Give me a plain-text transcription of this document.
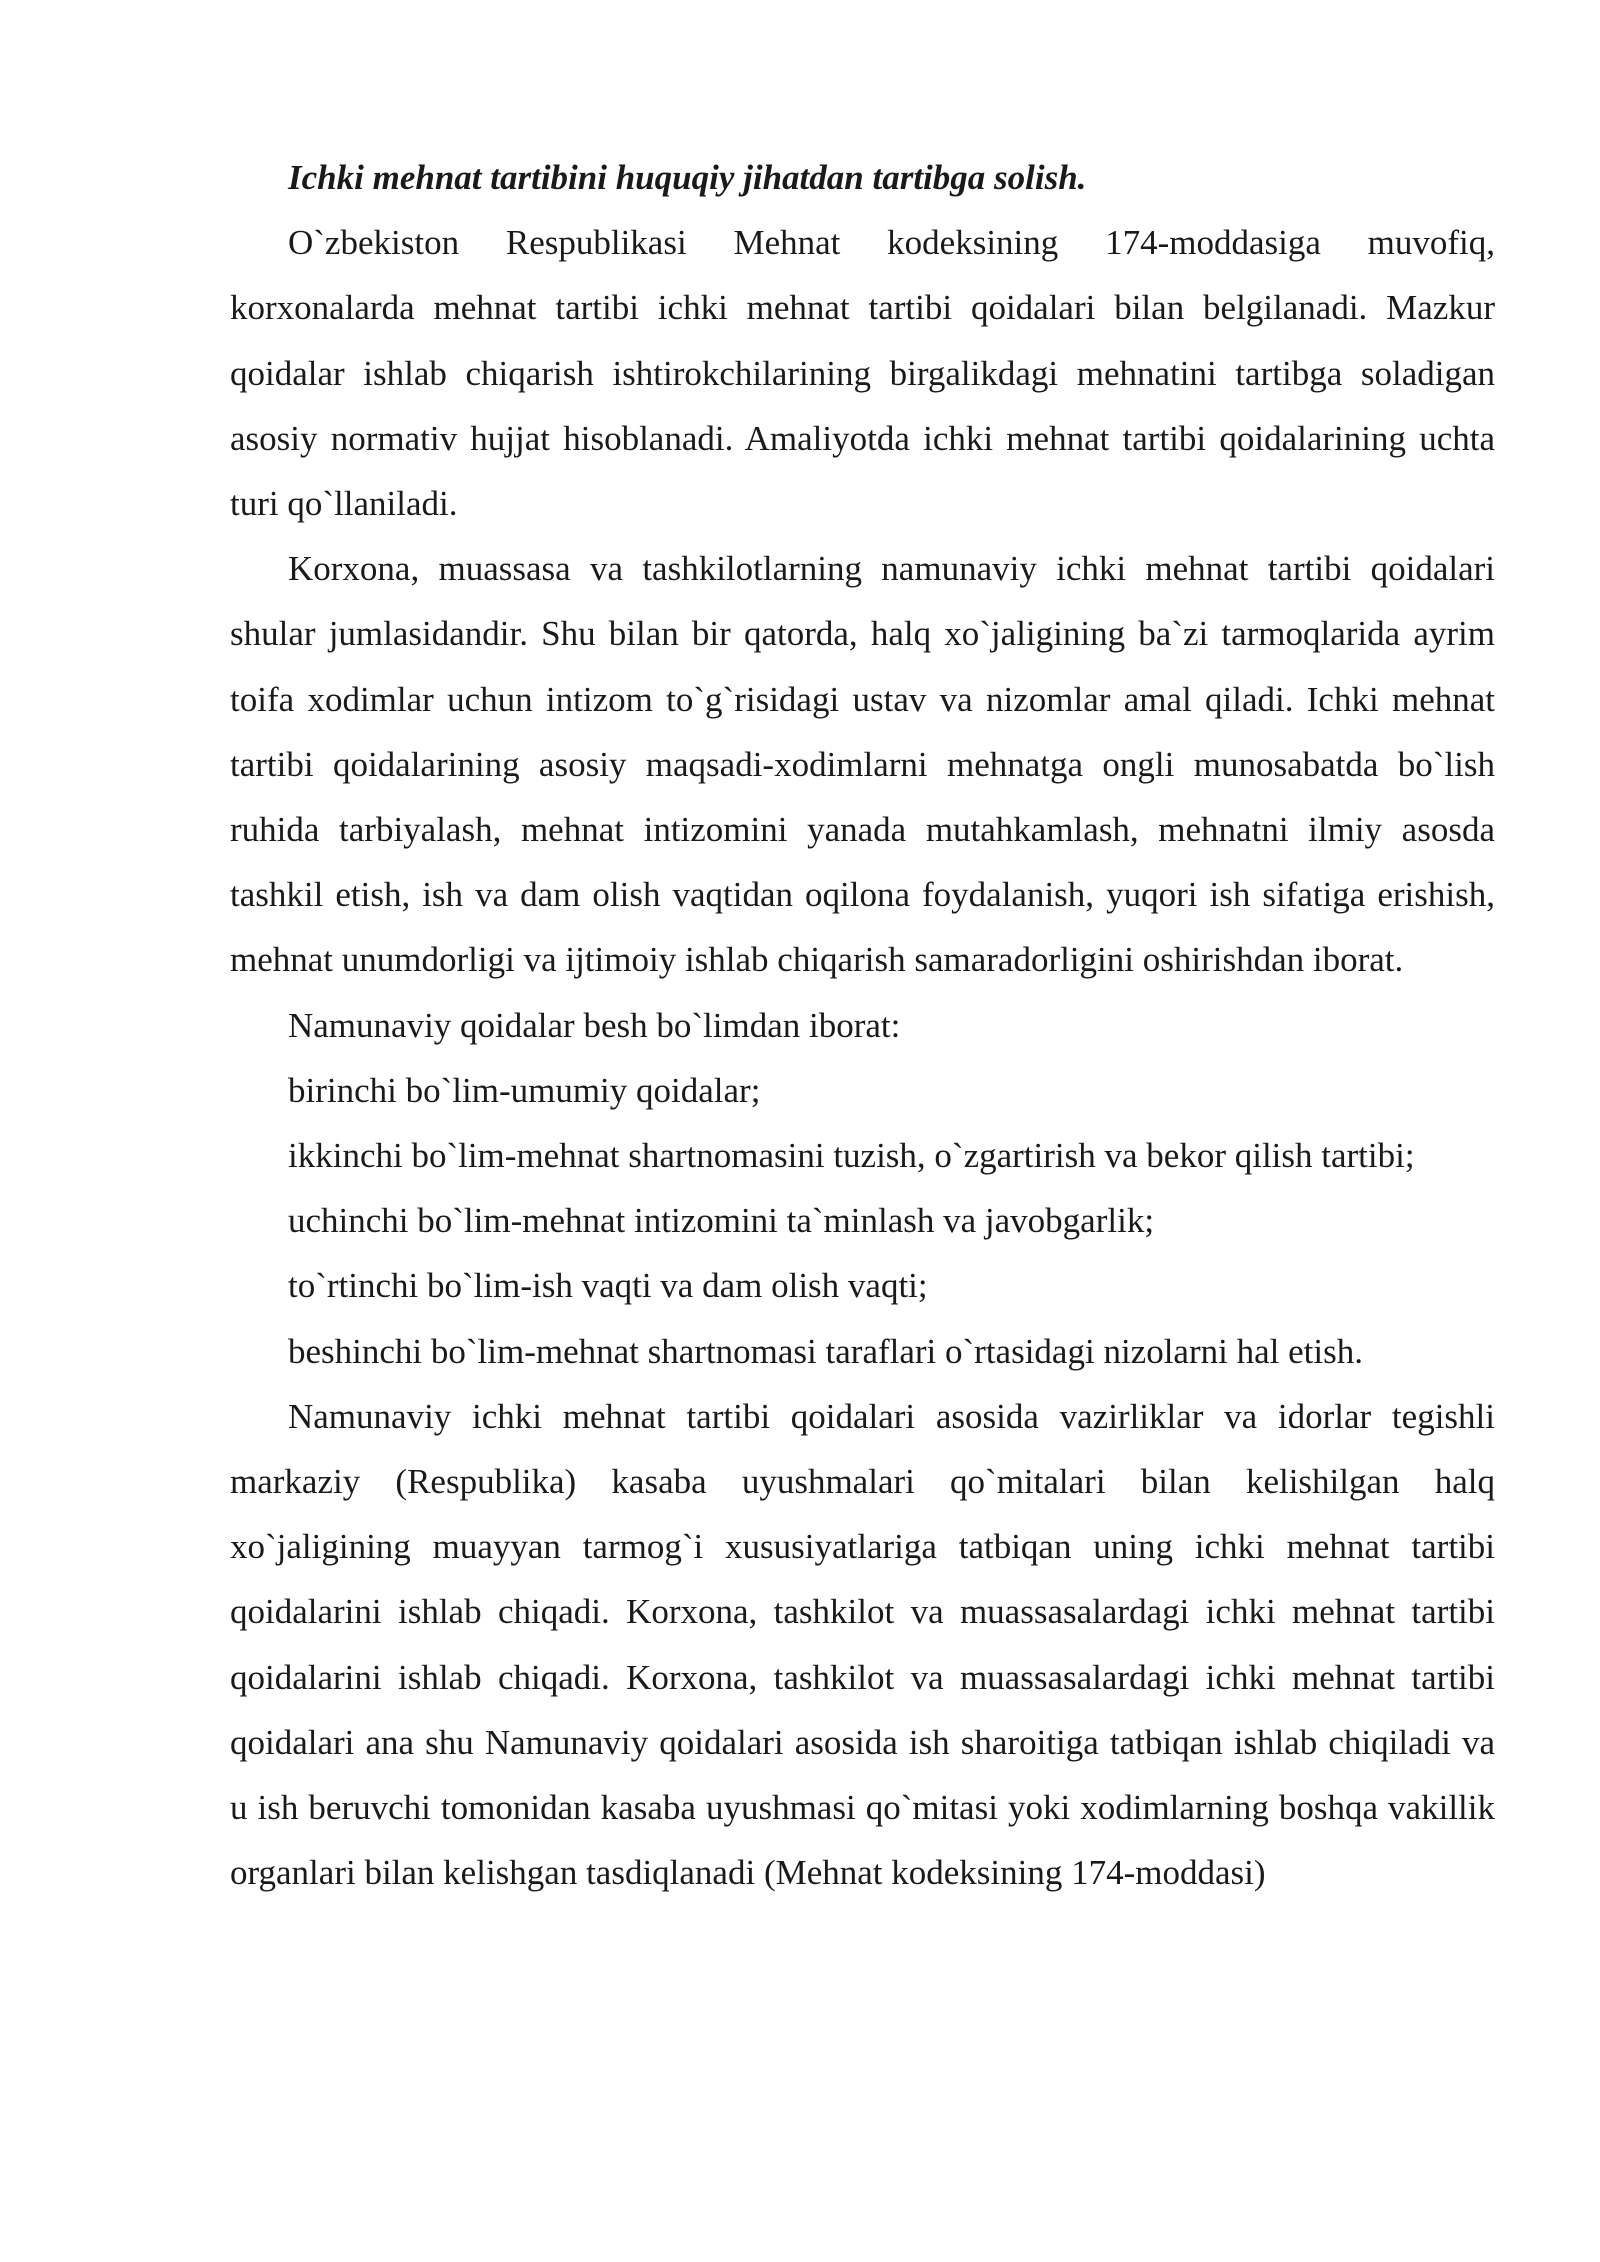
Ichki mehnat tartibini huquqiy jihatdan tartibga solish.

O`zbekiston Respublikasi Mehnat kodeksining 174-moddasiga muvofiq, korxonalarda mehnat tartibi ichki mehnat tartibi qoidalari bilan belgilanadi. Mazkur qoidalar ishlab chiqarish ishtirokchilarining birgalikdagi mehnatini tartibga soladigan asosiy normativ hujjat hisoblanadi. Amaliyotda ichki mehnat tartibi qoidalarining uchta turi qo`llaniladi.

Korxona, muassasa va tashkilotlarning namunaviy ichki mehnat tartibi qoidalari shular jumlasidandir. Shu bilan bir qatorda, halq xo`jaligining ba`zi tarmoqlarida ayrim toifa xodimlar uchun intizom to`g`risidagi ustav va nizomlar amal qiladi. Ichki mehnat tartibi qoidalarining asosiy maqsadi-xodimlarni mehnatga ongli munosabatda bo`lish ruhida tarbiyalash, mehnat intizomini yanada mutahkamlash, mehnatni ilmiy asosda tashkil etish, ish va dam olish vaqtidan oqilona foydalanish, yuqori ish sifatiga erishish, mehnat unumdorligi va ijtimoiy ishlab chiqarish samaradorligini oshirishdan iborat.

Namunaviy qoidalar besh bo`limdan iborat:

birinchi bo`lim-umumiy qoidalar;

ikkinchi bo`lim-mehnat shartnomasini tuzish, o`zgartirish va bekor qilish tartibi;

uchinchi bo`lim-mehnat intizomini ta`minlash va javobgarlik;

to`rtinchi bo`lim-ish vaqti va dam olish vaqti;

beshinchi bo`lim-mehnat shartnomasi taraflari o`rtasidagi nizolarni hal etish.

Namunaviy ichki mehnat tartibi qoidalari asosida vazirliklar va idorlar tegishli markaziy (Respublika) kasaba uyushmalari qo`mitalari bilan kelishilgan halq xo`jaligining muayyan tarmog`i xususiyatlariga tatbiqan uning ichki mehnat tartibi qoidalarini ishlab chiqadi. Korxona, tashkilot va muassasalardagi ichki mehnat tartibi qoidalarini ishlab chiqadi. Korxona, tashkilot va muassasalardagi ichki mehnat tartibi qoidalari ana shu Namunaviy qoidalari asosida ish sharoitiga tatbiqan ishlab chiqiladi va u ish beruvchi tomonidan kasaba uyushmasi qo`mitasi yoki xodimlarning boshqa vakillik organlari bilan kelishgan tasdiqlanadi (Mehnat kodeksining 174-moddasi)
